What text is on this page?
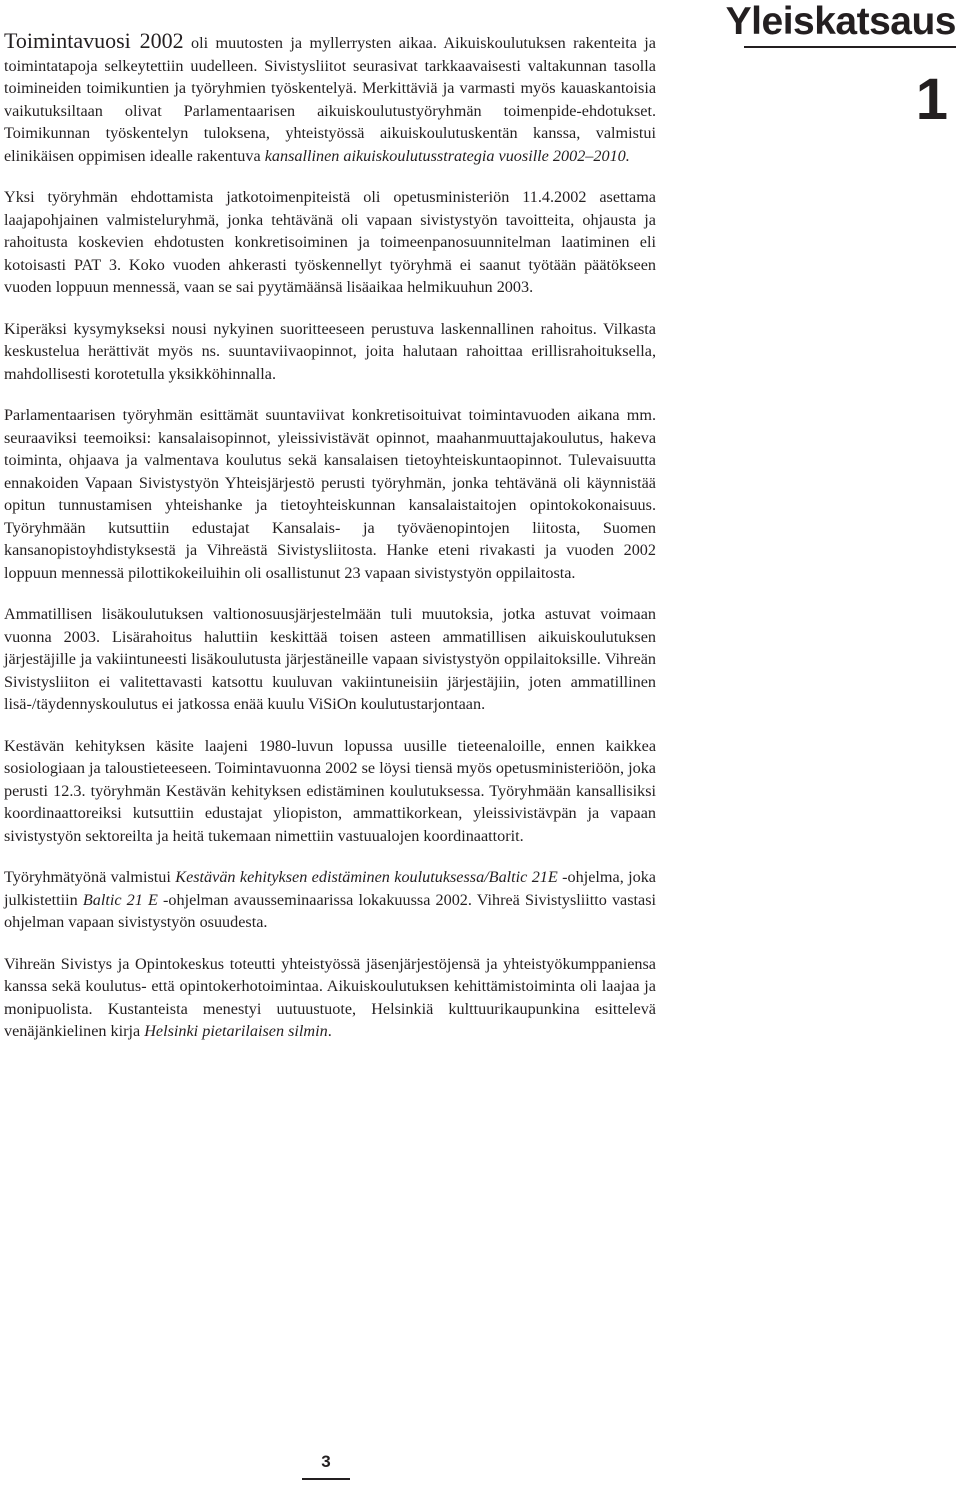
Yleiskatsaus
1

Toimintavuosi 2002 oli muutosten ja myllerrysten aikaa. Aikuiskoulutuksen rakenteita ja toimintatapoja selkeytettiin uudelleen. Sivistysliitot seurasivat tarkkaavaisesti valtakunnan tasolla toimineiden toimikuntien ja työryhmien työskentelyä. Merkittäviä ja varmasti myös kauaskantoisia vaikutuksiltaan olivat Parlamentaarisen aikuiskoulutustyöryhmän toimenpide-ehdotukset. Toimikunnan työskentelyn tuloksena, yhteistyössä aikuiskoulutuskentän kanssa, valmistui elinikäisen oppimisen idealle rakentuva kansallinen aikuiskoulutusstrategia vuosille 2002–2010.

Yksi työryhmän ehdottamista jatkotoimenpiteistä oli opetusministeriön 11.4.2002 asettama laajapohjainen valmisteluryhmä, jonka tehtävänä oli vapaan sivistystyön tavoitteita, ohjausta ja rahoitusta koskevien ehdotusten konkretisoiminen ja toimeenpanosuunnitelman laatiminen eli kotoisasti PAT 3. Koko vuoden ahkerasti työskennellyt työryhmä ei saanut työtään päätökseen vuoden loppuun mennessä, vaan se sai pyytämäänsä lisäaikaa helmikuuhun 2003.

Kiperäksi kysymykseksi nousi nykyinen suoritteeseen perustuva laskennallinen rahoitus. Vilkasta keskustelua herättivät myös ns. suuntaviivaopinnot, joita halutaan rahoittaa erillisrahoituksella, mahdollisesti korotetulla yksikköhinnalla.

Parlamentaarisen työryhmän esittämät suuntaviivat konkretisoituivat toimintavuoden aikana mm. seuraaviksi teemoiksi: kansalaisopinnot, yleissivistävät opinnot, maahanmuuttajakoulutus, hakeva toiminta, ohjaava ja valmentava koulutus sekä kansalaisen tietoyhteiskuntaopinnot. Tulevaisuutta ennakoiden Vapaan Sivistystyön Yhteisjärjestö perusti työryhmän, jonka tehtävänä oli käynnistää opitun tunnustamisen yhteishanke ja tietoyhteiskunnan kansalaistaitojen opintokokonaisuus. Työryhmään kutsuttiin edustajat Kansalais- ja työväenopintojen liitosta, Suomen kansanopistoyhdistyksestä ja Vihreästä Sivistysliitosta. Hanke eteni rivakasti ja vuoden 2002 loppuun mennessä pilottikokeiluihin oli osallistunut 23 vapaan sivistystyön oppilaitosta.

Ammatillisen lisäkoulutuksen valtionosuusjärjestelmään tuli muutoksia, jotka astuvat voimaan vuonna 2003. Lisärahoitus haluttiin keskittää toisen asteen ammatillisen aikuiskoulutuksen järjestäjille ja vakiintuneesti lisäkoulutusta järjestäneille vapaan sivistystyön oppilaitoksille. Vihreän Sivistysliiton ei valitettavasti katsottu kuuluvan vakiintuneisiin järjestäjiin, joten ammatillinen lisä-/täydennyskoulutus ei jatkossa enää kuulu ViSiOn koulutustarjontaan.

Kestävän kehityksen käsite laajeni 1980-luvun lopussa uusille tieteenaloille, ennen kaikkea sosiologiaan ja taloustieteeseen. Toimintavuonna 2002 se löysi tiensä myös opetusministeriöön, joka perusti 12.3. työryhmän Kestävän kehityksen edistäminen koulutuksessa. Työryhmään kansallisiksi koordinaattoreiksi kutsuttiin edustajat yliopiston, ammattikorkean, yleissivistävpän ja vapaan sivistystyön sektoreilta ja heitä tukemaan nimettiin vastuualojen koordinaattorit.

Työryhmätyönä valmistui Kestävän kehityksen edistäminen koulutuksessa/Baltic 21E -ohjelma, joka julkistettiin Baltic 21 E -ohjelman avausseminaarissa lokakuussa 2002. Vihreä Sivistysliitto vastasi ohjelman vapaan sivistystyön osuudesta.

Vihreän Sivistys ja Opintokeskus toteutti yhteistyössä jäsenjärjestöjensä ja yhteistyökumppaniensa kanssa sekä koulutus- että opintokerhotoimintaa. Aikuiskoulutuksen kehittämistoiminta oli laajaa ja monipuolista. Kustanteista menestyi uutuustuote, Helsinkiä kulttuurikaupunkina esittelevä venäjänkielinen kirja Helsinki pietarilaisen silmin.

3
